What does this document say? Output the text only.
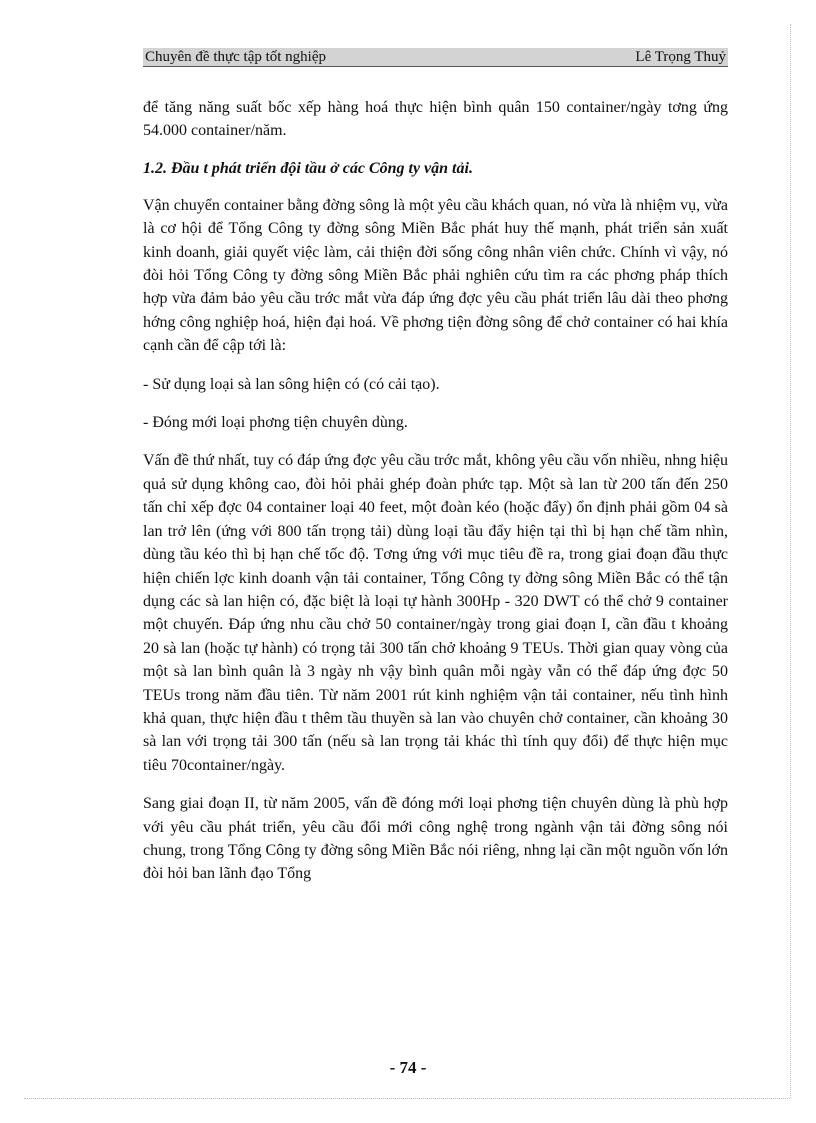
Chuyên đề thực tập tốt nghiệp	Lê Trọng Thuỷ

để tăng năng suất bốc xếp hàng hoá thực hiện bình quân 150 container/ngày tơng ứng 54.000 container/năm.

1.2. Đầu t phát triển đội tầu ở các Công ty vận tải.

Vận chuyển container bằng đờng sông là một yêu cầu khách quan, nó vừa là nhiệm vụ, vừa là cơ hội để Tổng Công ty đờng sông Miền Bắc phát huy thế mạnh, phát triển sản xuất kinh doanh, giải quyết việc làm, cải thiện đời sống công nhân viên chức. Chính vì vậy, nó đòi hỏi Tổng Công ty đờng sông Miền Bắc phải nghiên cứu tìm ra các phơng pháp thích hợp vừa đảm bảo yêu cầu trớc mắt vừa đáp ứng đợc yêu cầu phát triển lâu dài theo phơng hớng công nghiệp hoá, hiện đại hoá. Về phơng tiện đờng sông để chở container có hai khía cạnh cần để cập tới là:

- Sử dụng loại sà lan sông hiện có (có cải tạo).

- Đóng mới loại phơng tiện chuyên dùng.

Vấn đề thứ nhất, tuy có đáp ứng đợc yêu cầu trớc mắt, không yêu cầu vốn nhiều, nhng hiệu quả sử dụng không cao, đòi hỏi phải ghép đoàn phức tạp. Một sà lan từ 200 tấn đến 250 tấn chỉ xếp đợc 04 container loại 40 feet, một đoàn kéo (hoặc đẩy) ổn định phải gồm 04 sà lan trở lên (ứng với 800 tấn trọng tải) dùng loại tầu đẩy hiện tại thì bị hạn chế tầm nhìn, dùng tầu kéo thì bị hạn chế tốc độ. Tơng ứng với mục tiêu đề ra, trong giai đoạn đầu thực hiện chiến lợc kinh doanh vận tải container, Tổng Công ty đờng sông Miền Bắc có thể tận dụng các sà lan hiện có, đặc biệt là loại tự hành 300Hp - 320 DWT có thể chở 9 container một chuyến. Đáp ứng nhu cầu chở 50 container/ngày trong giai đoạn I, cần đầu t khoảng 20 sà lan (hoặc tự hành) có trọng tải 300 tấn chở khoảng 9 TEUs. Thời gian quay vòng của một sà lan bình quân là 3 ngày nh vậy bình quân mỗi ngày vẫn có thể đáp ứng đợc 50 TEUs trong năm đầu tiên. Từ năm 2001 rút kinh nghiệm vận tải container, nếu tình hình khả quan, thực hiện đầu t thêm tầu thuyền sà lan vào chuyên chở container, cần khoảng 30 sà lan với trọng tải 300 tấn (nếu sà lan trọng tải khác thì tính quy đổi) để thực hiện mục tiêu 70container/ngày.

Sang giai đoạn II, từ năm 2005, vấn đề đóng mới loại phơng tiện chuyên dùng là phù hợp với yêu cầu phát triển, yêu cầu đổi mới công nghệ trong ngành vận tải đờng sông nói chung, trong Tổng Công ty đờng sông Miền Bắc nói riêng, nhng lại cần một nguồn vốn lớn đòi hỏi ban lãnh đạo Tổng

- 74 -
